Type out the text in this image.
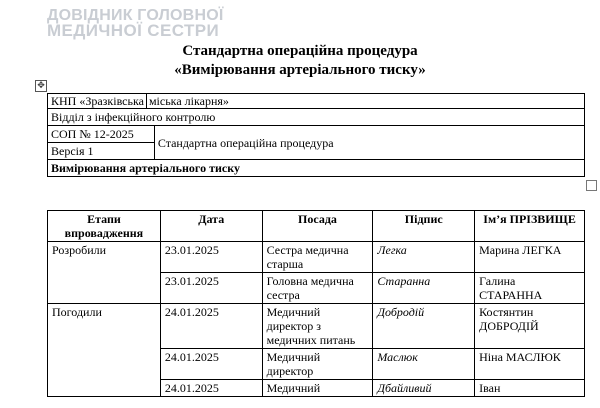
ДОВІДНИК ГОЛОВНОЇ
МЕДИЧНОЇ СЕСТРИ
Стандартна операційна процедура
«Вимірювання артеріального тиску»
✥
КНП «Зразківська міська лікарня»
Відділ з інфекційного контролю
СОП № 12-2025	Стандартна операційна процедура
Версія 1
Вимірювання артеріального тиску
Етапи впровадження	Дата	Посада	Підпис	Ім’я ПРІЗВИЩЕ
Розробили	23.01.2025	Сестра медична старша	Легка	Марина ЛЕГКА
	23.01.2025	Головна медична сестра	Старанна	Галина СТАРАННА
Погодили	24.01.2025	Медичний директор з медичних питань	Добродій	Костянтин ДОБРОДІЙ
	24.01.2025	Медичний директор	Маслюк	Ніна МАСЛЮК
	24.01.2025	Медичний	Дбайливий	Іван
